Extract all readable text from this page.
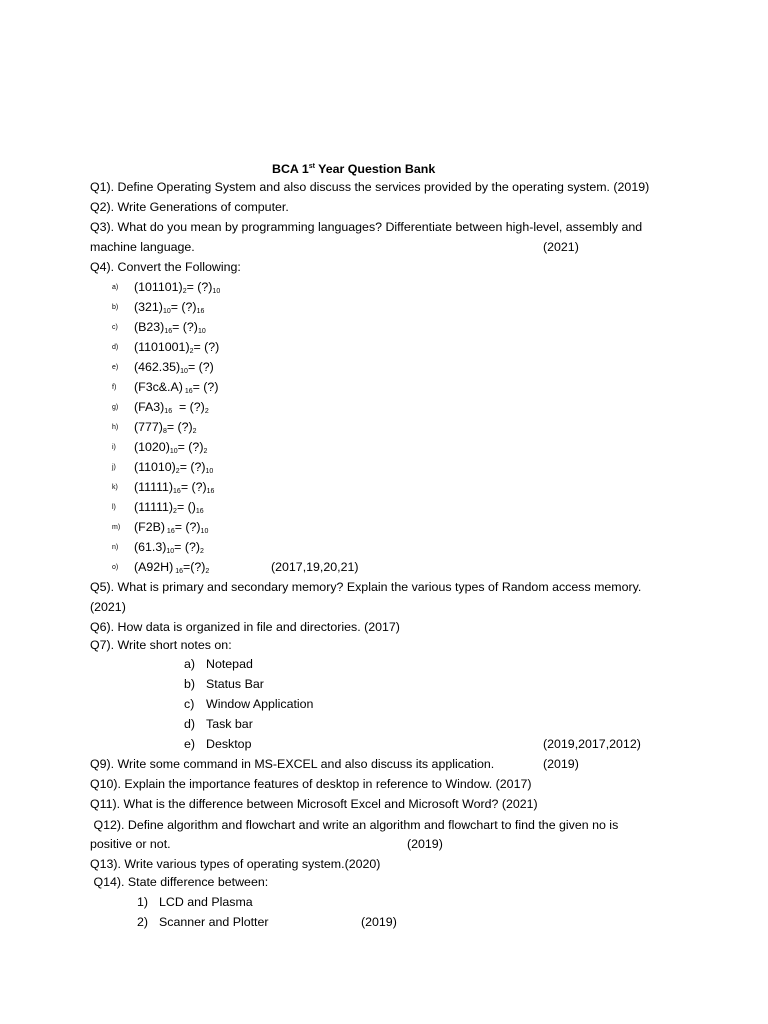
BCA 1st Year Question Bank
Q1). Define Operating System and also discuss the services provided by the operating system. (2019)
Q2). Write Generations of computer.
Q3). What do you mean by programming languages? Differentiate between high-level, assembly and
machine language.	(2021)
Q4). Convert the Following:
a) $(101101)_2=$ $(?)_{10}$
b) $(321)_{10}=$ $(?)_{16}$
c) $(B23)_{16}=$ $(?)_{10}$
d) $(1101001)_2=$ (?)
e) $(462.35)_{10}=$ (?)
f) (F3c&.A) $_{16}$= (?)
g) $(FA3)_{16}$  = $(?)_2$
h) $(777)_8=$ $(?)_2$
i) $(1020)_{10}=$ $(?)_2$
j) $(11010)_2=$ $(?)_{10}$
k) $(11111)_{16}=$ $(?)_{16}$
l) $(11111)_2= ()_{16}$
m) (F2B) $_{16}= (?)_{10}$
n) $(61.3)_{10}=$ $(?)_2$
o) (A92H) $_{16}=(?)_2$	(2017,19,20,21)
Q5). What is primary and secondary memory? Explain the various types of Random access memory.
(2021)
Q6). How data is organized in file and directories. (2017)
Q7). Write short notes on:
a) Notepad
b) Status Bar
c) Window Application
d) Task bar
e) Desktop	(2019,2017,2012)
Q9). Write some command in MS-EXCEL and also discuss its application.	(2019)
Q10). Explain the importance features of desktop in reference to Window. (2017)
Q11). What is the difference between Microsoft Excel and Microsoft Word? (2021)
Q12). Define algorithm and flowchart and write an algorithm and flowchart to find the given no is
positive or not.	(2019)
Q13). Write various types of operating system.(2020)
Q14). State difference between:
1) LCD and Plasma
2) Scanner and Plotter	(2019)
